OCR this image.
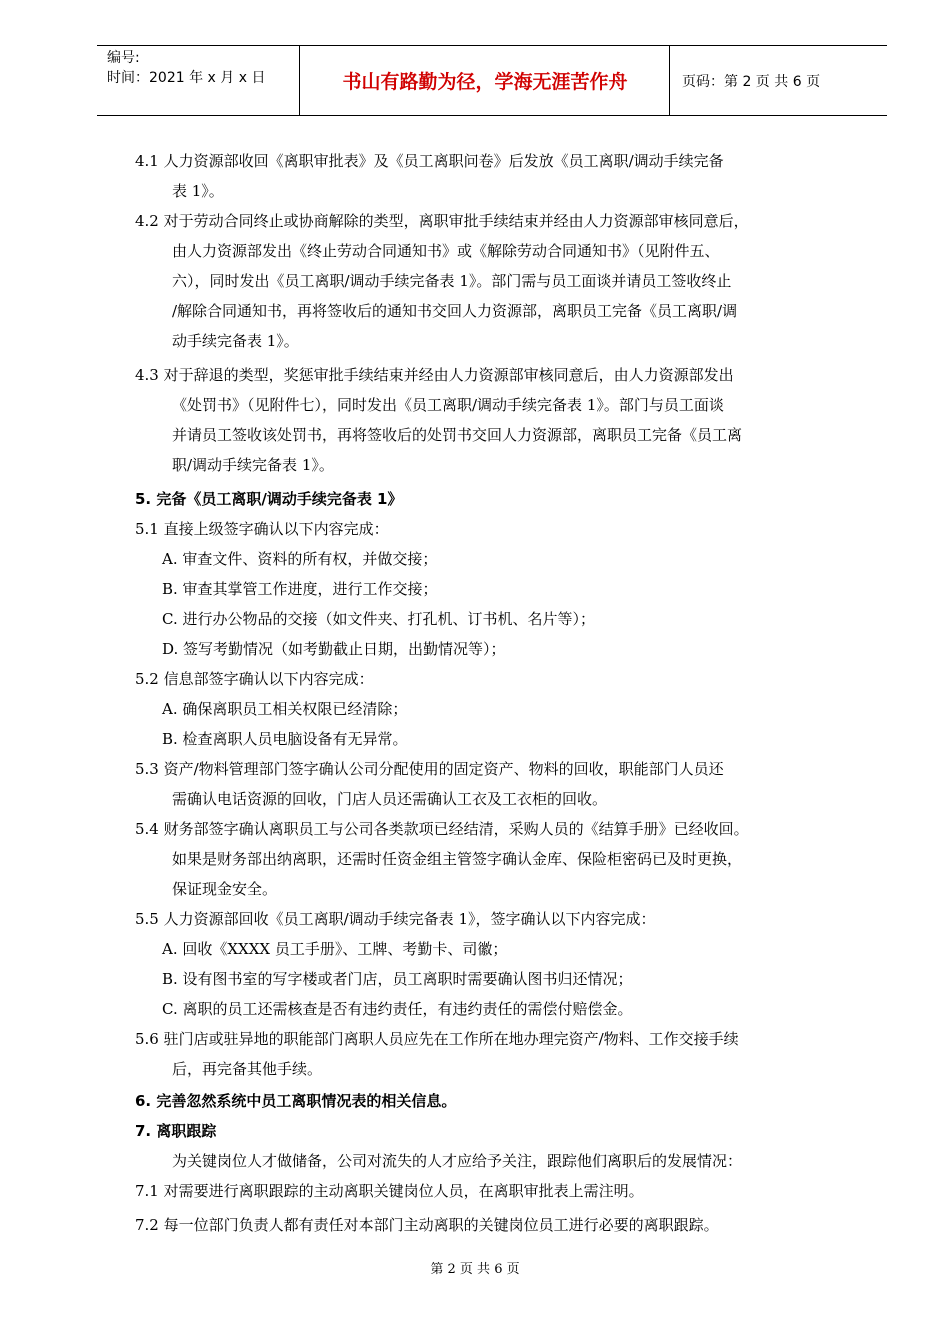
编号:
时间：2021 年 x 月 x 日	书山有路勤为径，学海无涯苦作舟	页码：第 2 页 共 6 页
4.1 人力资源部收回《离职审批表》及《员工离职问卷》后发放《员工离职/调动手续完备
表 1》。
4.2 对于劳动合同终止或协商解除的类型，离职审批手续结束并经由人力资源部审核同意后，
由人力资源部发出《终止劳动合同通知书》或《解除劳动合同通知书》（见附件五、
六），同时发出《员工离职/调动手续完备表 1》。部门需与员工面谈并请员工签收终止
/解除合同通知书，再将签收后的通知书交回人力资源部，离职员工完备《员工离职/调
动手续完备表 1》。
4.3 对于辞退的类型，奖惩审批手续结束并经由人力资源部审核同意后，由人力资源部发出
《处罚书》（见附件七），同时发出《员工离职/调动手续完备表 1》。部门与员工面谈
并请员工签收该处罚书，再将签收后的处罚书交回人力资源部，离职员工完备《员工离
职/调动手续完备表 1》。
5. 完备《员工离职/调动手续完备表 1》
5.1 直接上级签字确认以下内容完成：
A. 审查文件、资料的所有权，并做交接；
B. 审查其掌管工作进度，进行工作交接；
C. 进行办公物品的交接（如文件夹、打孔机、订书机、名片等）；
D. 签写考勤情况（如考勤截止日期，出勤情况等）；
5.2 信息部签字确认以下内容完成：
A. 确保离职员工相关权限已经清除；
B. 检查离职人员电脑设备有无异常。
5.3 资产/物料管理部门签字确认公司分配使用的固定资产、物料的回收，职能部门人员还
需确认电话资源的回收，门店人员还需确认工衣及工衣柜的回收。
5.4 财务部签字确认离职员工与公司各类款项已经结清，采购人员的《结算手册》已经收回。
如果是财务部出纳离职，还需时任资金组主管签字确认金库、保险柜密码已及时更换，
保证现金安全。
5.5 人力资源部回收《员工离职/调动手续完备表 1》，签字确认以下内容完成：
A. 回收《XXXX 员工手册》、工牌、考勤卡、司徽；
B. 设有图书室的写字楼或者门店，员工离职时需要确认图书归还情况；
C. 离职的员工还需核查是否有违约责任，有违约责任的需偿付赔偿金。
5.6 驻门店或驻异地的职能部门离职人员应先在工作所在地办理完资产/物料、工作交接手续
后，再完备其他手续。
6. 完善忽然系统中员工离职情况表的相关信息。
7. 离职跟踪
为关键岗位人才做储备，公司对流失的人才应给予关注，跟踪他们离职后的发展情况：
7.1 对需要进行离职跟踪的主动离职关键岗位人员，在离职审批表上需注明。
7.2 每一位部门负责人都有责任对本部门主动离职的关键岗位员工进行必要的离职跟踪。
第 2 页 共 6 页
